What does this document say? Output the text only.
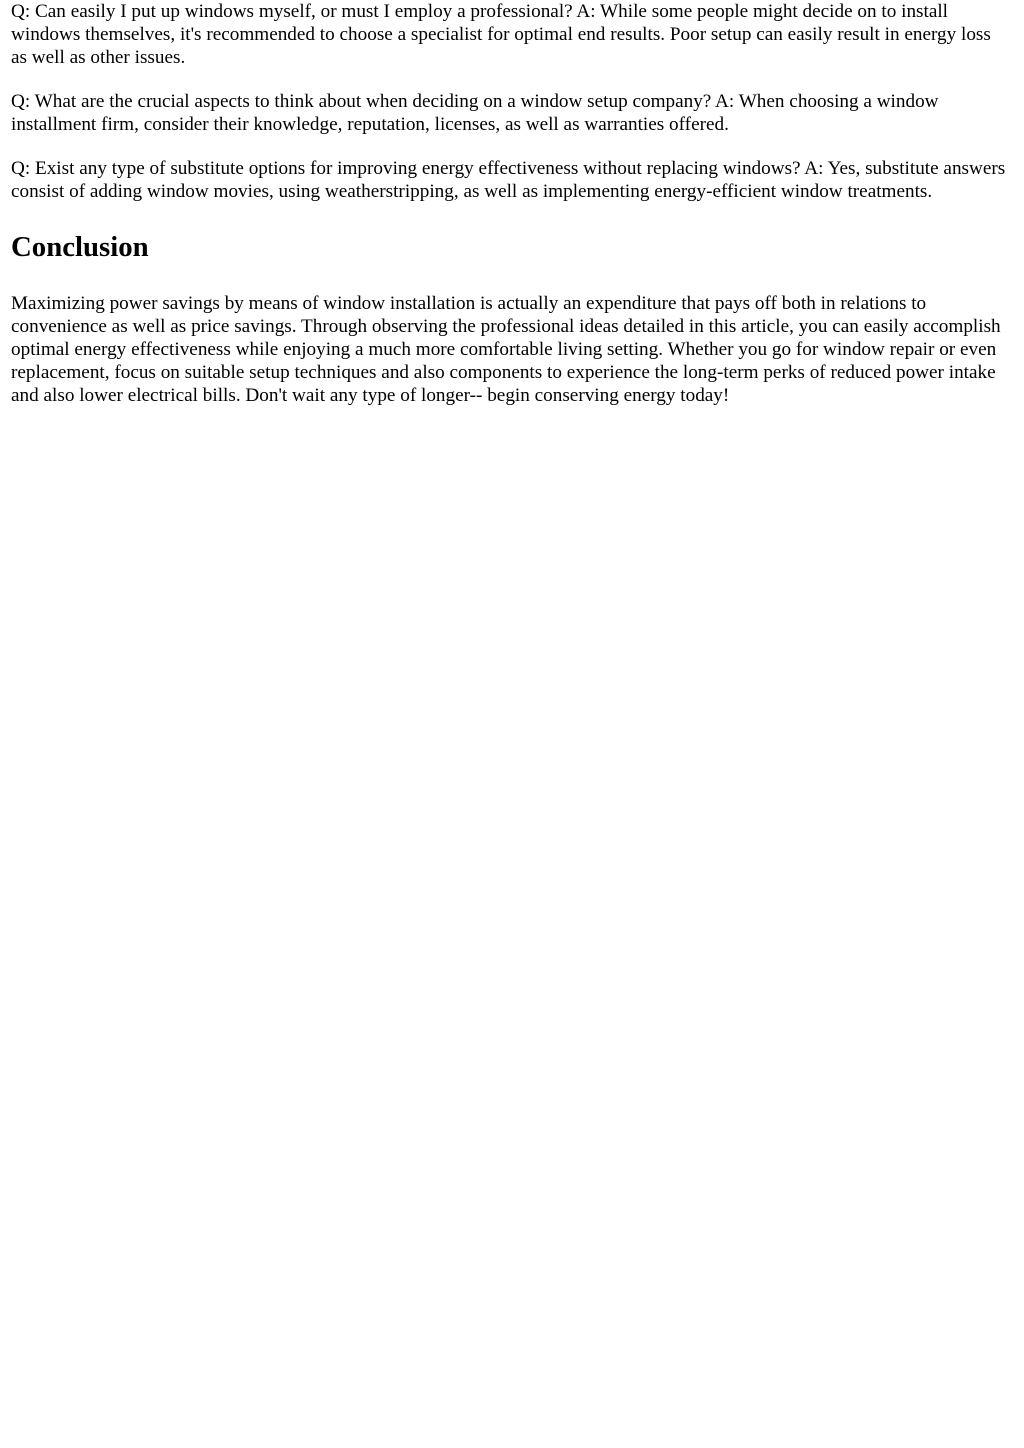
Q: Can easily I put up windows myself, or must I employ a professional? A: While some people might decide on to install windows themselves, it's recommended to choose a specialist for optimal end results. Poor setup can easily result in energy loss as well as other issues.

Q: What are the crucial aspects to think about when deciding on a window setup company? A: When choosing a window installment firm, consider their knowledge, reputation, licenses, as well as warranties offered.

Q: Exist any type of substitute options for improving energy effectiveness without replacing windows? A: Yes, substitute answers consist of adding window movies, using weatherstripping, as well as implementing energy-efficient window treatments.

Conclusion

Maximizing power savings by means of window installation is actually an expenditure that pays off both in relations to convenience as well as price savings. Through observing the professional ideas detailed in this article, you can easily accomplish optimal energy effectiveness while enjoying a much more comfortable living setting. Whether you go for window repair or even replacement, focus on suitable setup techniques and also components to experience the long-term perks of reduced power intake and also lower electrical bills. Don't wait any type of longer-- begin conserving energy today!
